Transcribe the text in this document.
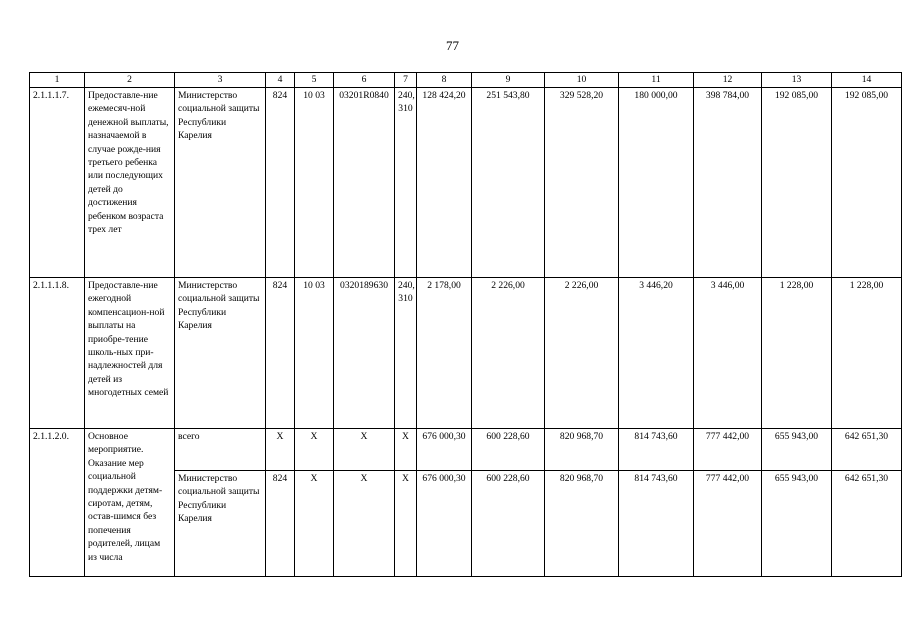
77
1	2	3	4	5	6	7	8	9	10	11	12	13	14
2.1.1.1.7.	Предоставле-ние ежемесяч-ной денежной выплаты, назначаемой в случае рожде-ния третьего ребенка или последующих детей до достижения ребенком возраста трех лет	Министерство социальной защиты Республики Карелия	824	10 03	03201R0840	240, 310	128 424,20	251 543,80	329 528,20	180 000,00	398 784,00	192 085,00	192 085,00
2.1.1.1.8.	Предоставле-ние ежегодной компенсацион-ной выплаты на приобре-тение школь-ных при-надлежностей для детей из многодетных семей	Министерство социальной защиты Республики Карелия	824	10 03	0320189630	240, 310	2 178,00	2 226,00	2 226,00	3 446,20	3 446,00	1 228,00	1 228,00
2.1.1.2.0.	Основное мероприятие. Оказание мер социальной поддержки детям-сиротам, детям, остав-шимся без попечения родителей, лицам из числа	всего	Х	Х	Х	Х	676 000,30	600 228,60	820 968,70	814 743,60	777 442,00	655 943,00	642 651,30
		Министерство социальной защиты Республики Карелия	824	Х	Х	Х	676 000,30	600 228,60	820 968,70	814 743,60	777 442,00	655 943,00	642 651,30
